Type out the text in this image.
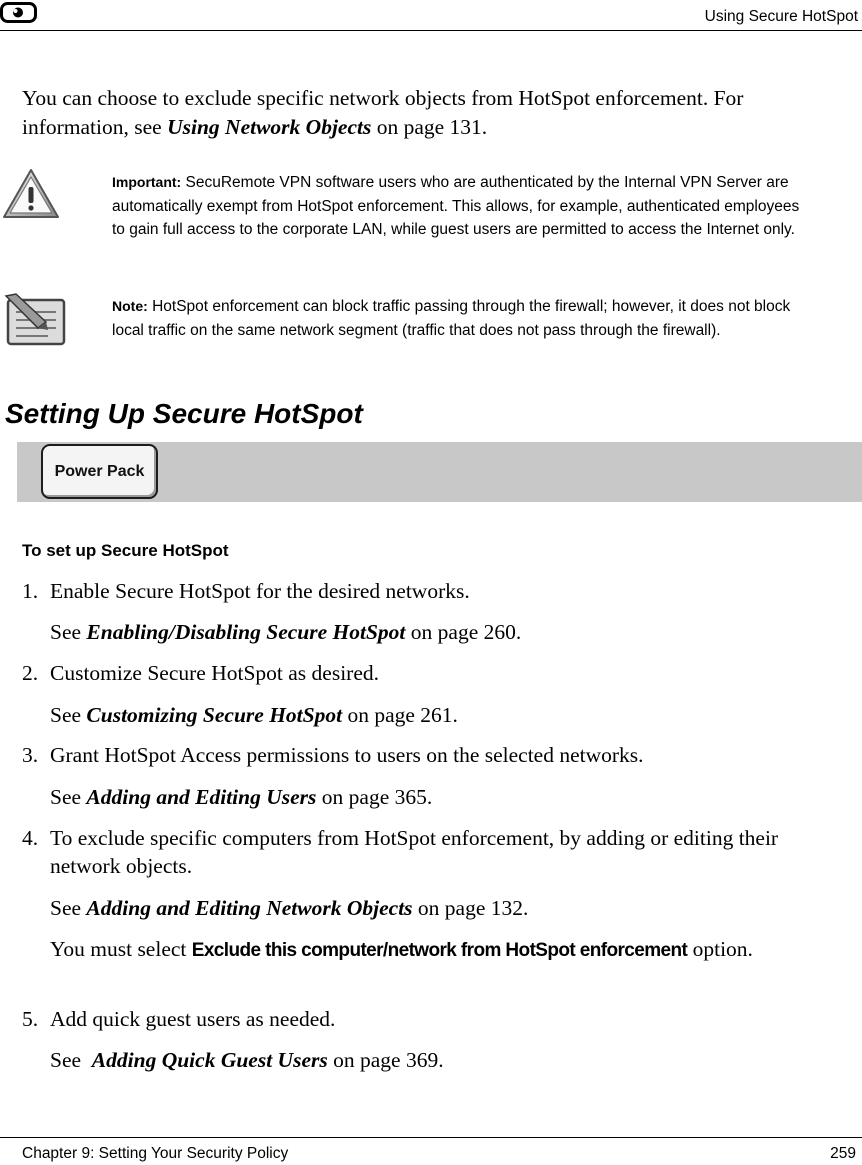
Using Secure HotSpot
You can choose to exclude specific network objects from HotSpot enforcement. For information, see Using Network Objects on page 131.
Important: SecuRemote VPN software users who are authenticated by the Internal VPN Server are automatically exempt from HotSpot enforcement. This allows, for example, authenticated employees to gain full access to the corporate LAN, while guest users are permitted to access the Internet only.
Note: HotSpot enforcement can block traffic passing through the firewall; however, it does not block local traffic on the same network segment (traffic that does not pass through the firewall).
Setting Up Secure HotSpot
Power Pack
To set up Secure HotSpot
1. Enable Secure HotSpot for the desired networks.
See Enabling/Disabling Secure HotSpot on page 260.
2. Customize Secure HotSpot as desired.
See Customizing Secure HotSpot on page 261.
3. Grant HotSpot Access permissions to users on the selected networks.
See Adding and Editing Users on page 365.
4. To exclude specific computers from HotSpot enforcement, by adding or editing their network objects.
See Adding and Editing Network Objects on page 132.
You must select Exclude this computer/network from HotSpot enforcement option.
5. Add quick guest users as needed.
See  Adding Quick Guest Users on page 369.
Chapter 9: Setting Your Security Policy	259
